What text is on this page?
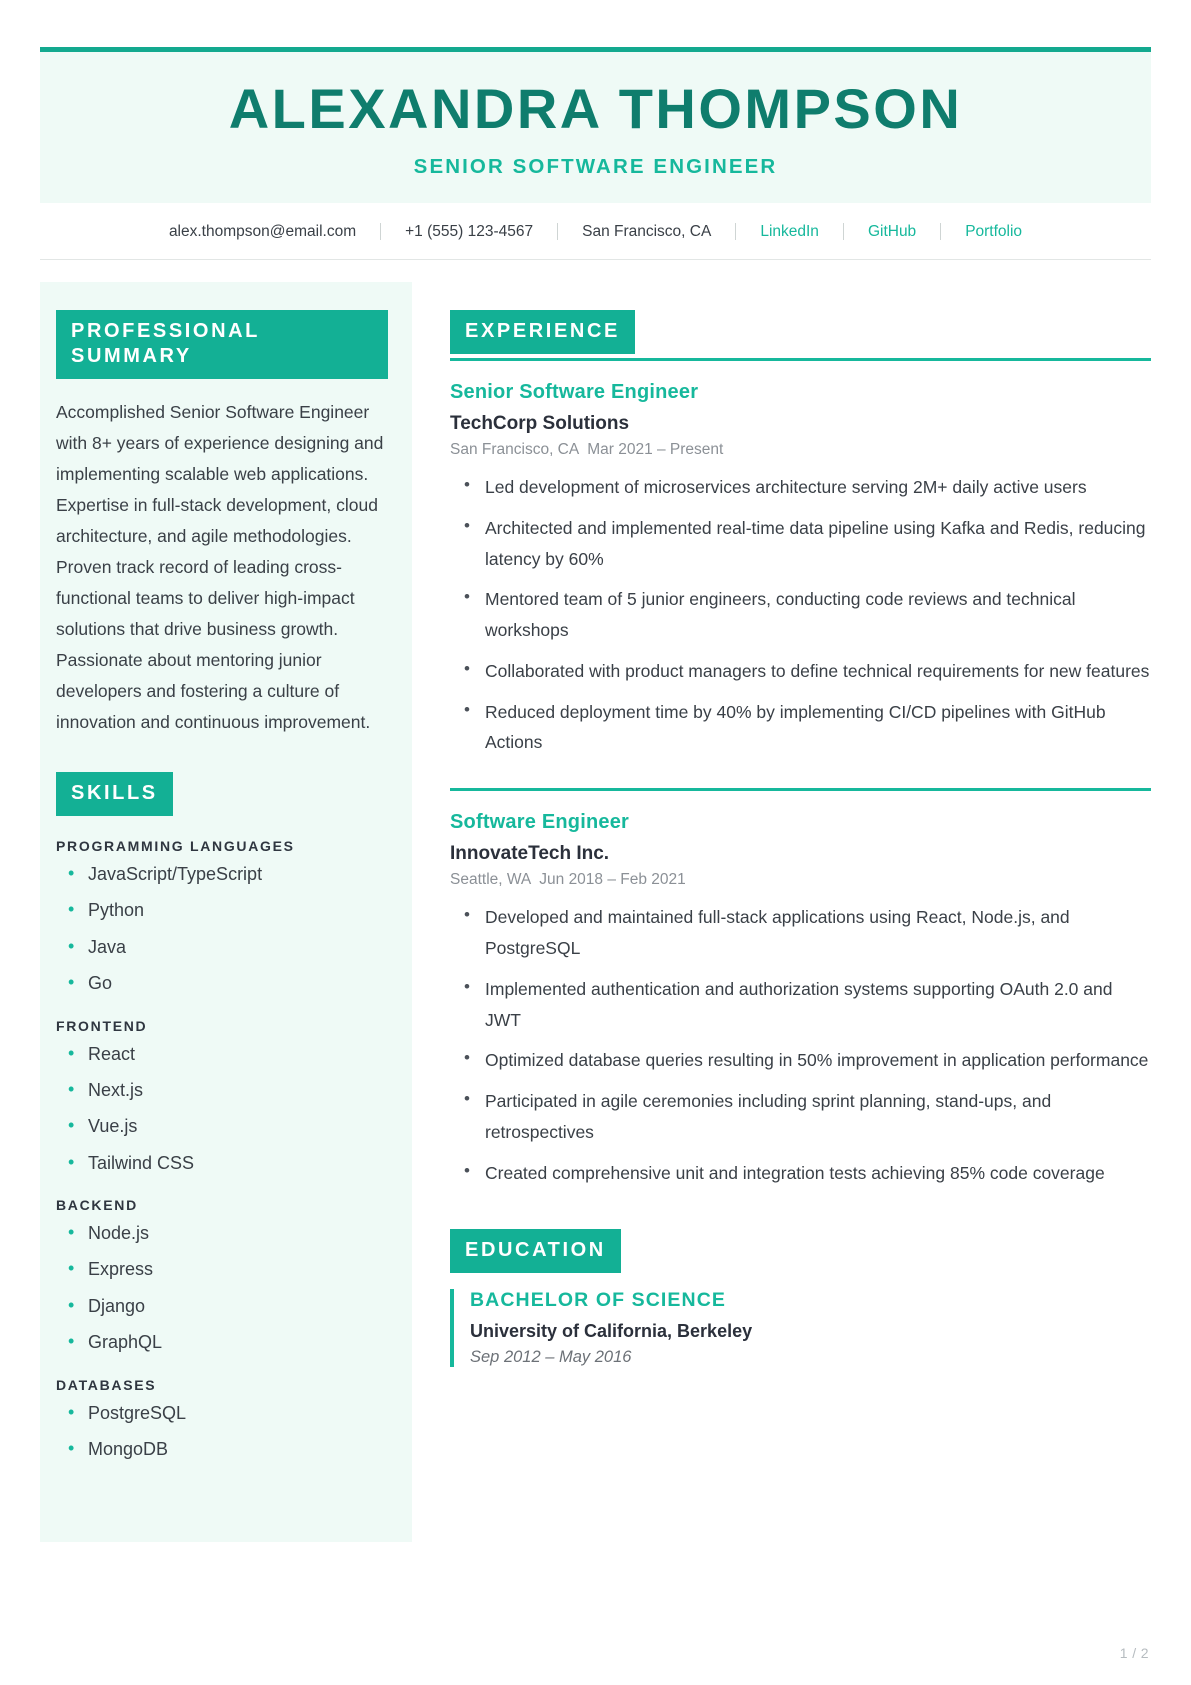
ALEXANDRA THOMPSON
SENIOR SOFTWARE ENGINEER
alex.thompson@email.com	+1 (555) 123-4567	San Francisco, CA	LinkedIn	GitHub	Portfolio
PROFESSIONAL SUMMARY

Accomplished Senior Software Engineer with 8+ years of experience designing and implementing scalable web applications. Expertise in full-stack development, cloud architecture, and agile methodologies. Proven track record of leading cross-functional teams to deliver high-impact solutions that drive business growth. Passionate about mentoring junior developers and fostering a culture of innovation and continuous improvement.

SKILLS
PROGRAMMING LANGUAGES
• JavaScript/TypeScript
• Python
• Java
• Go
FRONTEND
• React
• Next.js
• Vue.js
• Tailwind CSS
BACKEND
• Node.js
• Express
• Django
• GraphQL
DATABASES
• PostgreSQL
• MongoDB
EXPERIENCE
Senior Software Engineer
TechCorp Solutions
San Francisco, CA Mar 2021 – Present
• Led development of microservices architecture serving 2M+ daily active users
• Architected and implemented real-time data pipeline using Kafka and Redis, reducing latency by 60%
• Mentored team of 5 junior engineers, conducting code reviews and technical workshops
• Collaborated with product managers to define technical requirements for new features
• Reduced deployment time by 40% by implementing CI/CD pipelines with GitHub Actions
Software Engineer
InnovateTech Inc.
Seattle, WA Jun 2018 – Feb 2021
• Developed and maintained full-stack applications using React, Node.js, and PostgreSQL
• Implemented authentication and authorization systems supporting OAuth 2.0 and JWT
• Optimized database queries resulting in 50% improvement in application performance
• Participated in agile ceremonies including sprint planning, stand-ups, and retrospectives
• Created comprehensive unit and integration tests achieving 85% code coverage
EDUCATION
BACHELOR OF SCIENCE
University of California, Berkeley
Sep 2012 – May 2016
1 / 2
